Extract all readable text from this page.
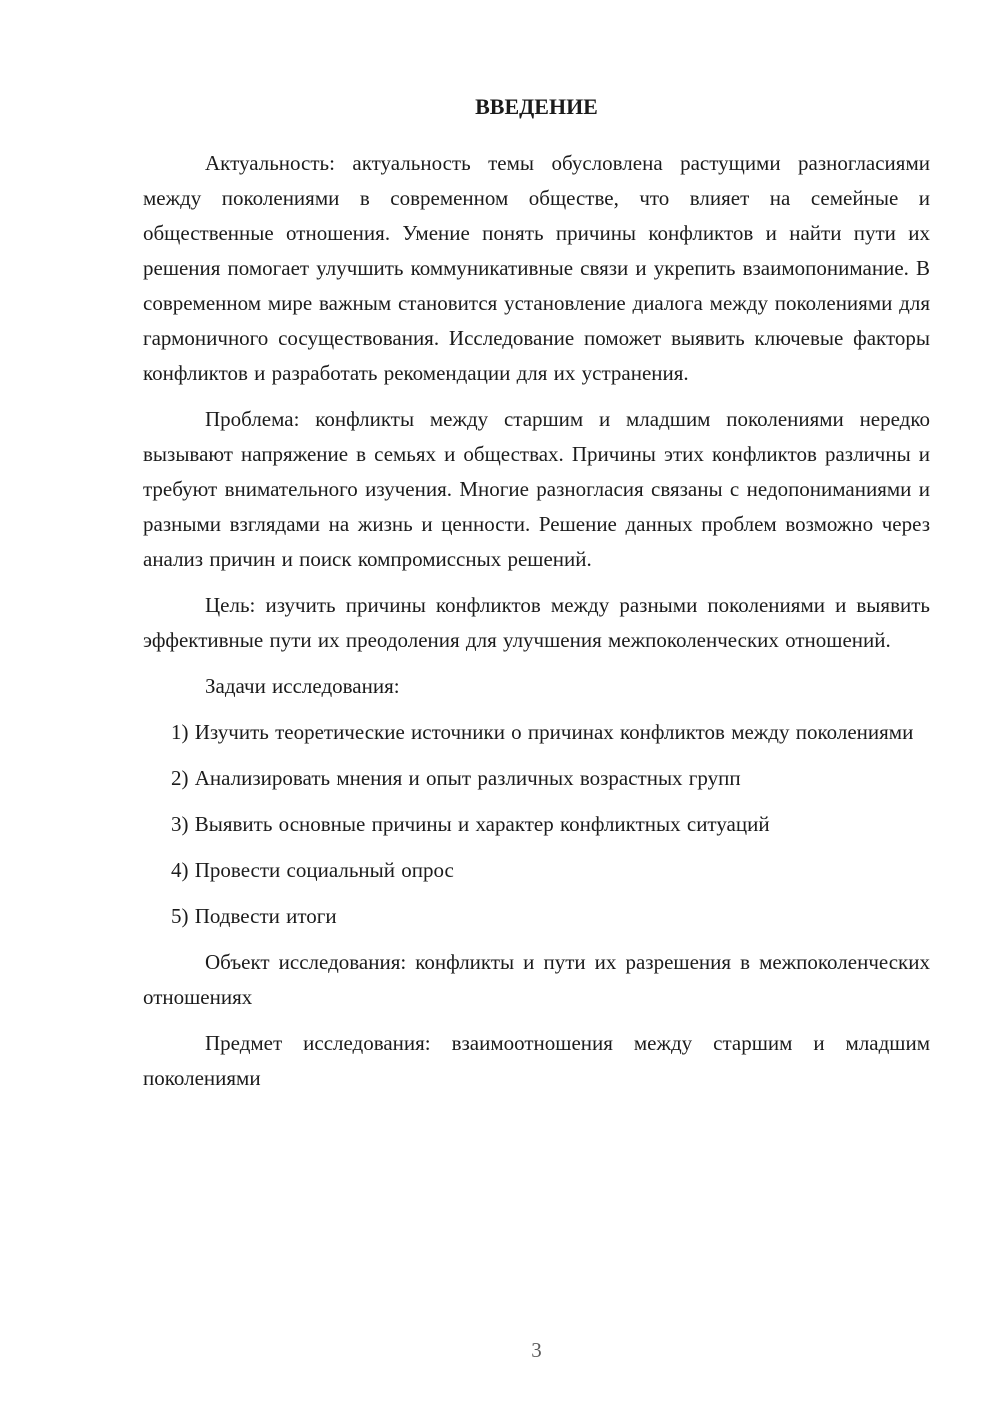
ВВЕДЕНИЕ

Актуальность: актуальность темы обусловлена растущими разногласиями между поколениями в современном обществе, что влияет на семейные и общественные отношения. Умение понять причины конфликтов и найти пути их решения помогает улучшить коммуникативные связи и укрепить взаимопонимание. В современном мире важным становится установление диалога между поколениями для гармоничного сосуществования. Исследование поможет выявить ключевые факторы конфликтов и разработать рекомендации для их устранения.

Проблема: конфликты между старшим и младшим поколениями нередко вызывают напряжение в семьях и обществах. Причины этих конфликтов различны и требуют внимательного изучения. Многие разногласия связаны с недопониманиями и разными взглядами на жизнь и ценности. Решение данных проблем возможно через анализ причин и поиск компромиссных решений.

Цель: изучить причины конфликтов между разными поколениями и выявить эффективные пути их преодоления для улучшения межпоколенческих отношений.

Задачи исследования:

1) Изучить теоретические источники о причинах конфликтов между поколениями

2) Анализировать мнения и опыт различных возрастных групп

3) Выявить основные причины и характер конфликтных ситуаций

4) Провести социальный опрос

5) Подвести итоги

Объект исследования: конфликты и пути их разрешения в межпоколенческих отношениях

Предмет исследования: взаимоотношения между старшим и младшим поколениями

3
